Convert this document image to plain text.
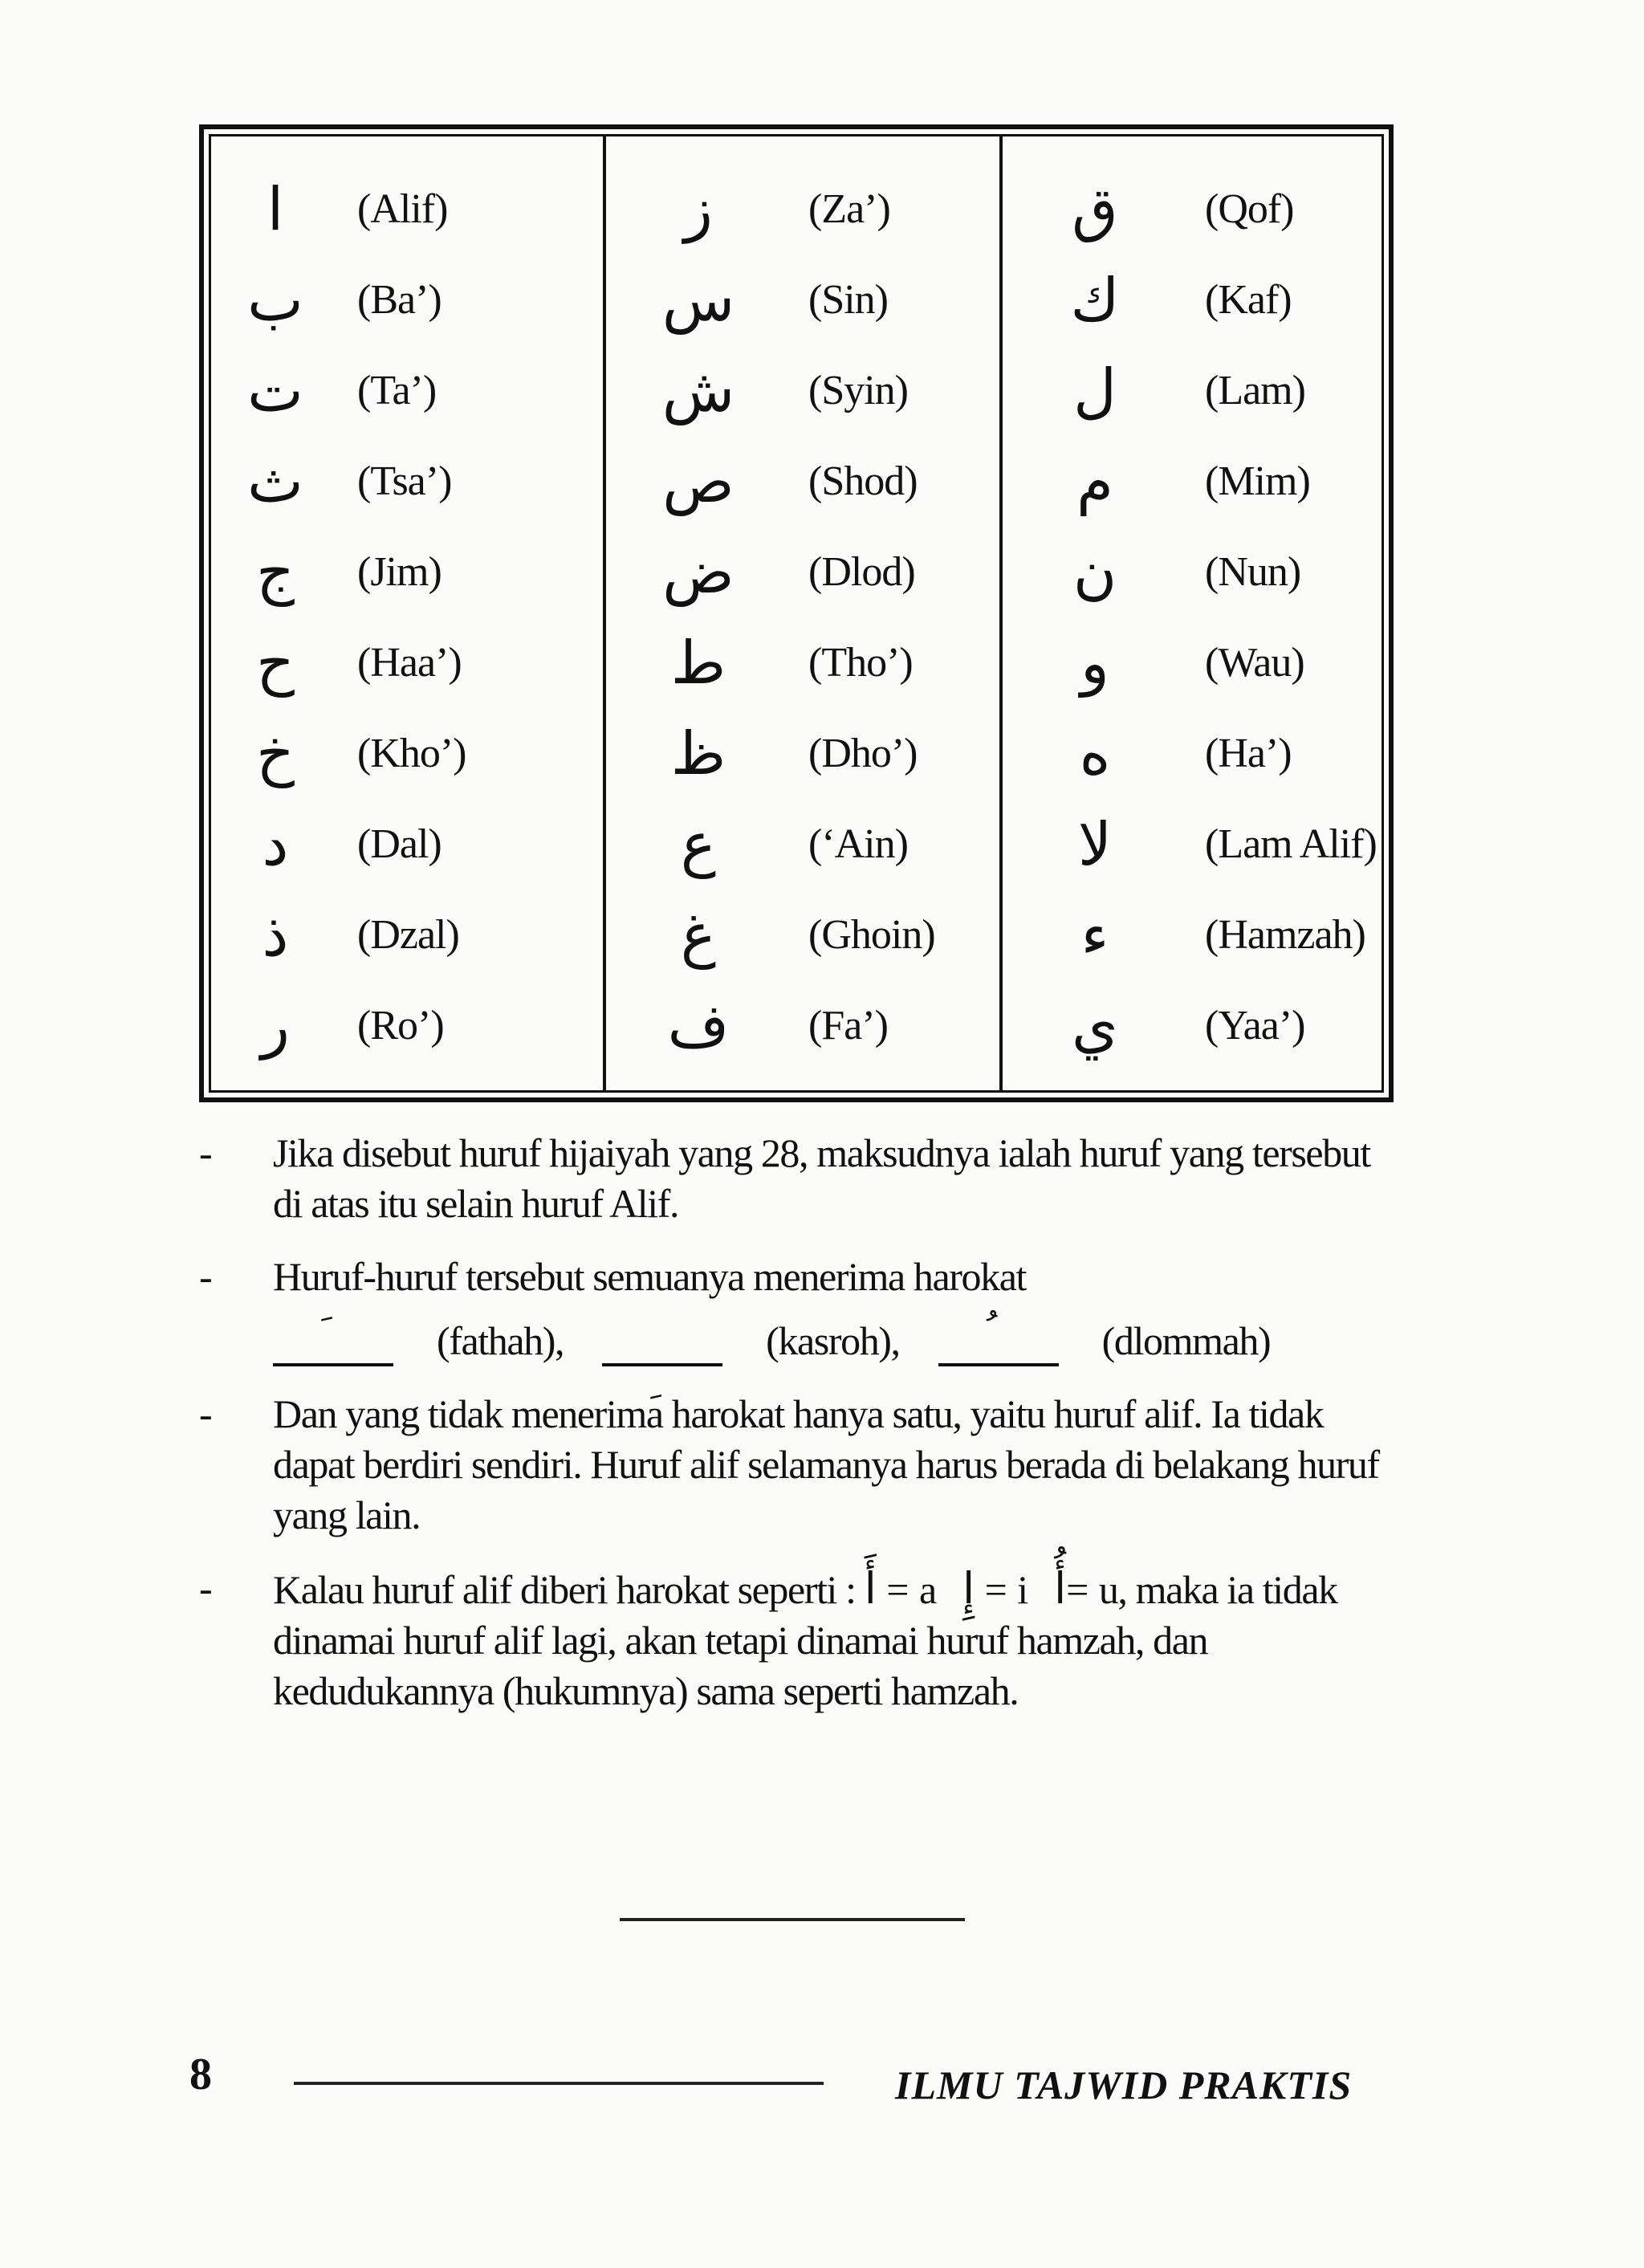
ا	(Alif)
ب	(Ba’)
ت	(Ta’)
ث	(Tsa’)
ج	(Jim)
ح	(Haa’)
خ	(Kho’)
د	(Dal)
ذ	(Dzal)
ر	(Ro’)
ز	(Za’)
س	(Sin)
ش	(Syin)
ص	(Shod)
ض	(Dlod)
ط	(Tho’)
ظ	(Dho’)
ع	(‘Ain)
غ	(Ghoin)
ف	(Fa’)
ق	(Qof)
ك	(Kaf)
ل	(Lam)
م	(Mim)
ن	(Nun)
و	(Wau)
ه	(Ha’)
لا	(Lam Alif)
ء	(Hamzah)
ي	(Yaa’)
- Jika disebut huruf hijaiyah yang 28, maksudnya ialah huruf yang tersebut di atas itu selain huruf Alif.
- Huruf-huruf tersebut semuanya menerima harokat
(fathah),	(kasroh),	(dlommah)
- Dan yang tidak menerima harokat hanya satu, yaitu huruf alif. Ia tidak dapat berdiri sendiri. Huruf alif selamanya harus berada di belakang huruf yang lain.
- Kalau huruf alif diberi harokat seperti : أَ = a إِ = i أُ= u, maka ia tidak dinamai huruf alif lagi, akan tetapi dinamai huruf hamzah, dan kedudukannya (hukumnya) sama seperti hamzah.
8	ILMU TAJWID PRAKTIS
